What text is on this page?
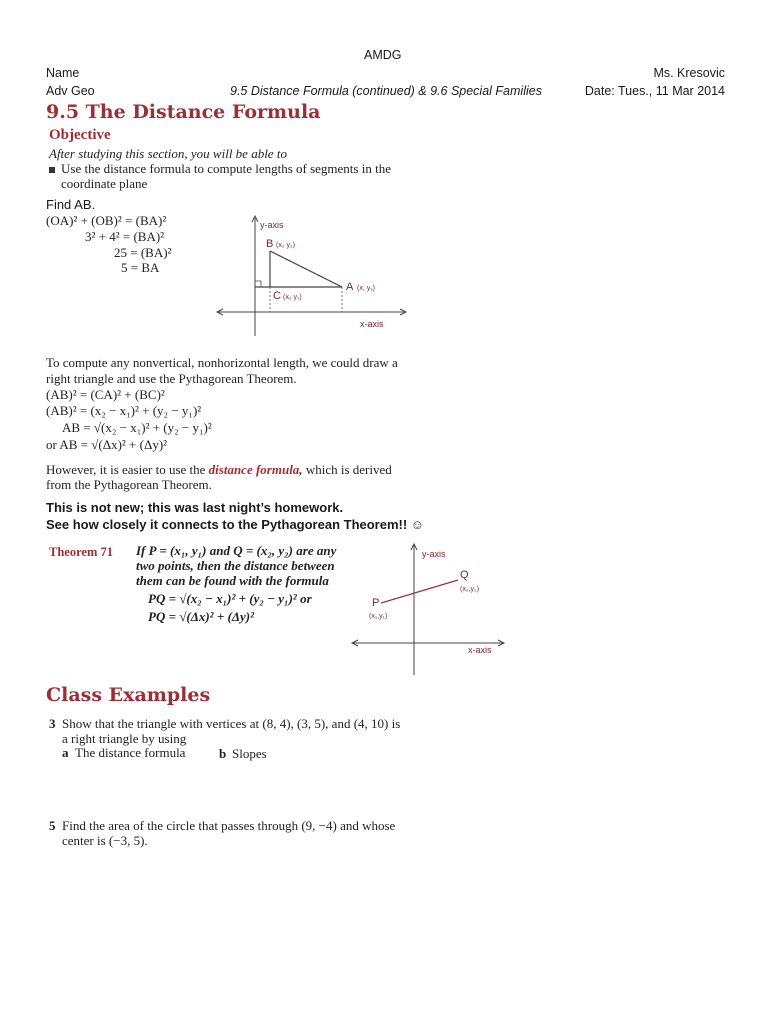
AMDG
Name	Ms. Kresovic
Adv Geo	9.5 Distance Formula (continued) & 9.6 Special Families	Date: Tues., 11 Mar 2014
9.5 The Distance Formula
Objective
After studying this section, you will be able to
Use the distance formula to compute lengths of segments in the
coordinate plane
Find AB.
(OA)² + (OB)² = (BA)²
3² + 4² = (BA)²
25 = (BA)²
5 = BA
y-axis
x-axis
B (x₂ y₂)
A (x, y₁)
C (x₂ y₁)
To compute any nonvertical, nonhorizontal length, we could draw a
right triangle and use the Pythagorean Theorem.
(AB)² = (CA)² + (BC)²
(AB)² = (x₂ − x₁)² + (y₂ − y₁)²
AB = √(x₂ − x₁)² + (y₂ − y₁)²
or AB = √(Δx)² + (Δy)²
However, it is easier to use the distance formula, which is derived
from the Pythagorean Theorem.
This is not new; this was last night’s homework.
See how closely it connects to the Pythagorean Theorem!! ☺
Theorem 71 If P = (x₁, y₁) and Q = (x₂, y₂) are any
two points, then the distance between
them can be found with the formula
PQ = √(x₂ − x₁)² + (y₂ − y₁)² or
PQ = √(Δx)² + (Δy)²
y-axis
x-axis
Q
(x₂,y₂)
P
(x₁,y₁)
Class Examples
3 Show that the triangle with vertices at (8, 4), (3, 5), and (4, 10) is
a right triangle by using
a The distance formula	b Slopes
5 Find the area of the circle that passes through (9, −4) and whose
center is (−3, 5).
